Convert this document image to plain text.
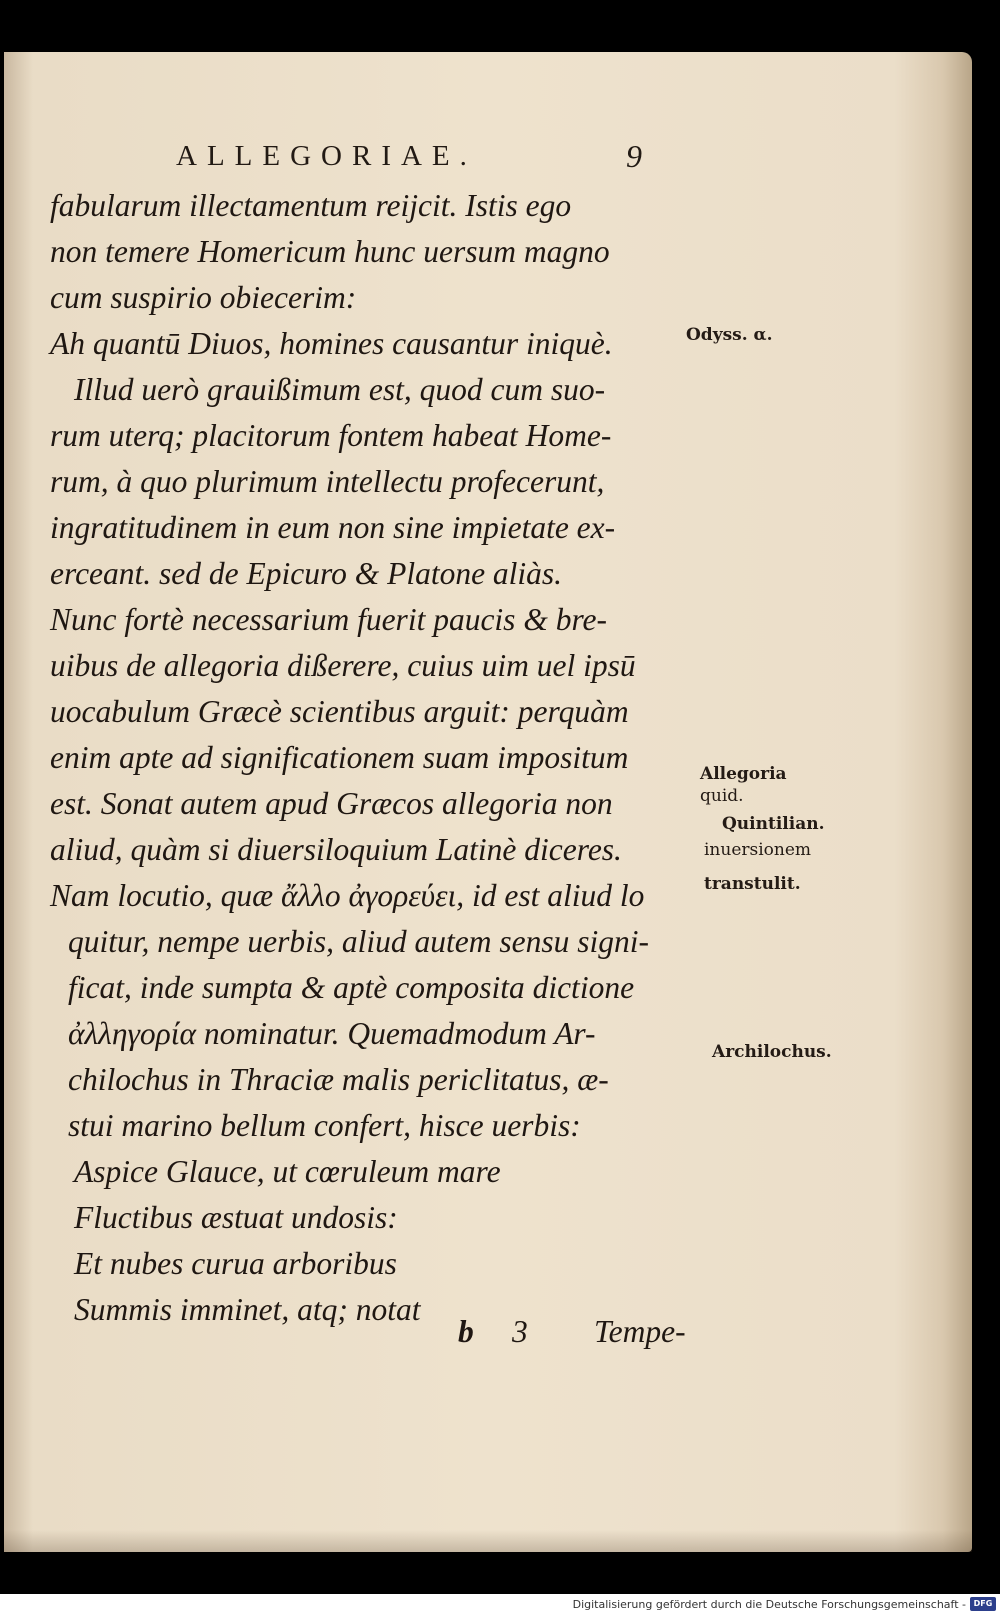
ALLEGORIAE.	9
fabularum illectamentum reijcit. Istis ego
non temere Homericum hunc uersum magno
cum suspirio obiecerim:
Ah quantū Diuos, homines causantur iniquè.
Illud uerò grauißimum est, quod cum suo-
rum uterq; placitorum fontem habeat Home-
rum, à quo plurimum intellectu profecerunt,
ingratitudinem in eum non sine impietate ex-
erceant. sed de Epicuro & Platone aliàs.
Nunc fortè necessarium fuerit paucis & bre-
uibus de allegoria dißerere, cuius uim uel ipsū
uocabulum Græcè scientibus arguit: perquàm
enim apte ad significationem suam impositum
est. Sonat autem apud Græcos allegoria non
aliud, quàm si diuersiloquium Latinè diceres.
Nam locutio, quæ ἄλλο ἀγορεύει, id est aliud lo
quitur, nempe uerbis, aliud autem sensu signi-
ficat, inde sumpta & aptè composita dictione
ἀλληγορία nominatur. Quemadmodum Ar-
chilochus in Thraciæ malis periclitatus, æ-
stui marino bellum confert, hisce uerbis:
Aspice Glauce, ut cœruleum mare
Fluctibus æstuat undosis:
Et nubes curua arboribus
Summis imminet, atq; notat
Odyss. α.
Allegoria
quid.
Quintilian.
inuersionem
transtulit.
Archilochus.
b 3 Tempe-
Digitalisierung gefördert durch die Deutsche Forschungsgemeinschaft - DFG
